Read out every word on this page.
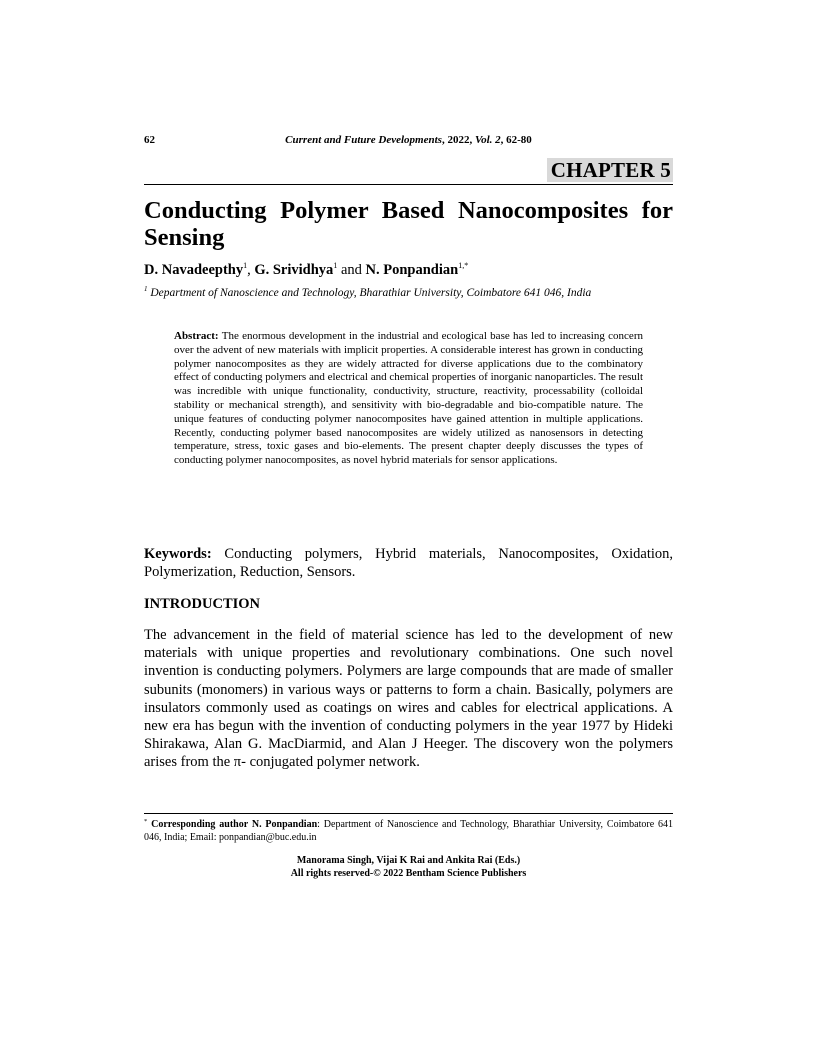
62	Current and Future Developments, 2022, Vol. 2, 62-80
CHAPTER 5
Conducting Polymer Based Nanocomposites for Sensing
D. Navadeepthy$^1$, G. Srividhya$^1$ and N. Ponpandian$^{1,*}$
$^1$ Department of Nanoscience and Technology, Bharathiar University, Coimbatore 641 046, India

Abstract: The enormous development in the industrial and ecological base has led to increasing concern over the advent of new materials with implicit properties. A considerable interest has grown in conducting polymer nanocomposites as they are widely attracted for diverse applications due to the combinatory effect of conducting polymers and electrical and chemical properties of inorganic nanoparticles. The result was incredible with unique functionality, conductivity, structure, reactivity, processability (colloidal stability or mechanical strength), and sensitivity with bio-degradable and bio-compatible nature. The unique features of conducting polymer nanocomposites have gained attention in multiple applications. Recently, conducting polymer based nanocomposites are widely utilized as nanosensors in detecting temperature, stress, toxic gases and bio-elements. The present chapter deeply discusses the types of conducting polymer nanocomposites, as novel hybrid materials for sensor applications.

Keywords: Conducting polymers, Hybrid materials, Nanocomposites, Oxidation, Polymerization, Reduction, Sensors.

INTRODUCTION

The advancement in the field of material science has led to the development of new materials with unique properties and revolutionary combinations. One such novel invention is conducting polymers. Polymers are large compounds that are made of smaller subunits (monomers) in various ways or patterns to form a chain. Basically, polymers are insulators commonly used as coatings on wires and cables for electrical applications. A new era has begun with the invention of conducting polymers in the year 1977 by Hideki Shirakawa, Alan G. MacDiarmid, and Alan J Heeger. The discovery won the polymers arises from the π- conjugated polymer network.

* Corresponding author N. Ponpandian: Department of Nanoscience and Technology, Bharathiar University, Coimbatore 641 046, India; Email: ponpandian@buc.edu.in

Manorama Singh, Vijai K Rai and Ankita Rai (Eds.)
All rights reserved-© 2022 Bentham Science Publishers
